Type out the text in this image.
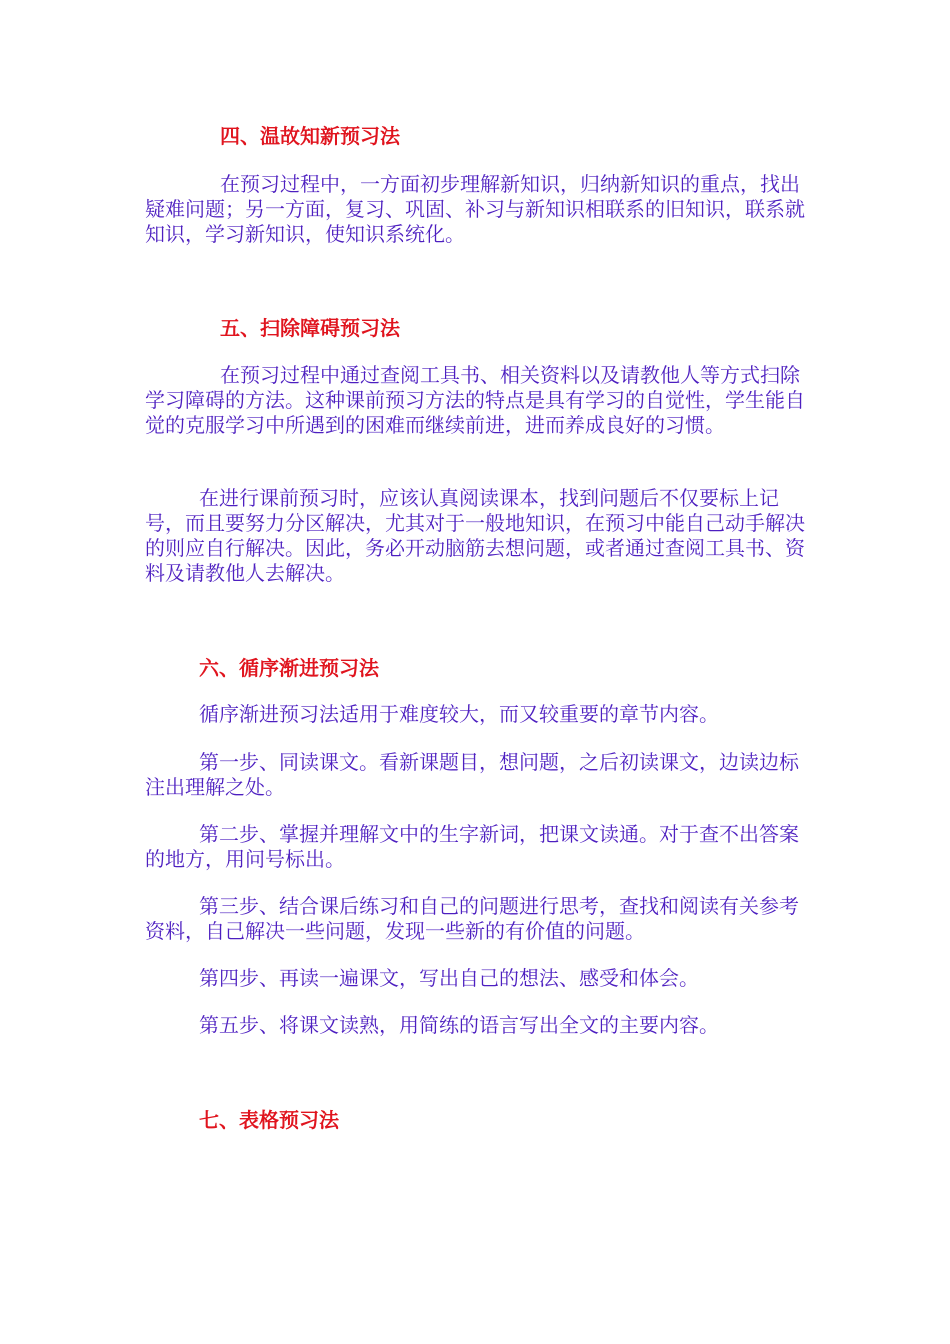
四、温故知新预习法

在预习过程中，一方面初步理解新知识，归纳新知识的重点，找出疑难问题；另一方面，复习、巩固、补习与新知识相联系的旧知识，联系就知识，学习新知识，使知识系统化。

五、扫除障碍预习法

在预习过程中通过查阅工具书、相关资料以及请教他人等方式扫除学习障碍的方法。这种课前预习方法的特点是具有学习的自觉性，学生能自觉的克服学习中所遇到的困难而继续前进，进而养成良好的习惯。

在进行课前预习时，应该认真阅读课本，找到问题后不仅要标上记号，而且要努力分区解决，尤其对于一般地知识，在预习中能自己动手解决的则应自行解决。因此，务必开动脑筋去想问题，或者通过查阅工具书、资料及请教他人去解决。

六、循序渐进预习法

循序渐进预习法适用于难度较大，而又较重要的章节内容。

第一步、同读课文。看新课题目，想问题，之后初读课文，边读边标注出理解之处。

第二步、掌握并理解文中的生字新词，把课文读通。对于查不出答案的地方，用问号标出。

第三步、结合课后练习和自己的问题进行思考，查找和阅读有关参考资料，自己解决一些问题，发现一些新的有价值的问题。

第四步、再读一遍课文，写出自己的想法、感受和体会。

第五步、将课文读熟，用简练的语言写出全文的主要内容。

七、表格预习法
